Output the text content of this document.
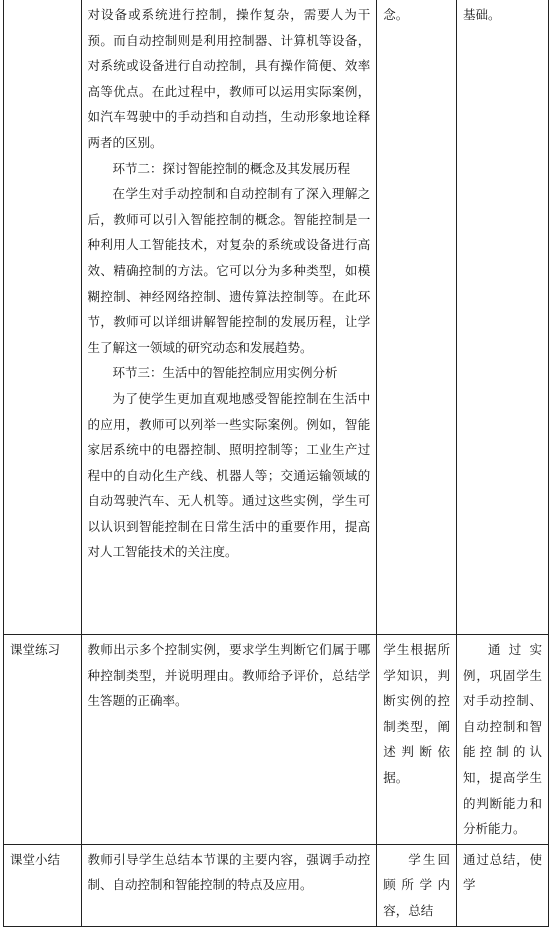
	对设备或系统进行控制，操作复杂，需要人为干预。而自动控制则是利用控制器、计算机等设备，对系统或设备进行自动控制，具有操作简便、效率高等优点。在此过程中，教师可以运用实际案例，如汽车驾驶中的手动挡和自动挡，生动形象地诠释两者的区别。

环节二：探讨智能控制的概念及其发展历程

在学生对手动控制和自动控制有了深入理解之后，教师可以引入智能控制的概念。智能控制是一种利用人工智能技术，对复杂的系统或设备进行高效、精确控制的方法。它可以分为多种类型，如模糊控制、神经网络控制、遗传算法控制等。在此环节，教师可以详细讲解智能控制的发展历程，让学生了解这一领域的研究动态和发展趋势。

环节三：生活中的智能控制应用实例分析

为了使学生更加直观地感受智能控制在生活中的应用，教师可以列举一些实际案例。例如，智能家居系统中的电器控制、照明控制等；工业生产过程中的自动化生产线、机器人等；交通运输领域的自动驾驶汽车、无人机等。通过这些实例，学生可以认识到智能控制在日常生活中的重要作用，提高对人工智能技术的关注度。	念。	基础。
课堂练习	教师出示多个控制实例，要求学生判断它们属于哪种控制类型，并说明理由。教师给予评价，总结学生答题的正确率。	学生根据所学知识，判断实例的控制类型，阐述判断依据。	通过实例，巩固学生对手动控制、自动控制和智能控制的认知，提高学生的判断能力和分析能力。
课堂小结	教师引导学生总结本节课的主要内容，强调手动控制、自动控制和智能控制的特点及应用。	学生回顾所学内容，总结	通过总结，使学
